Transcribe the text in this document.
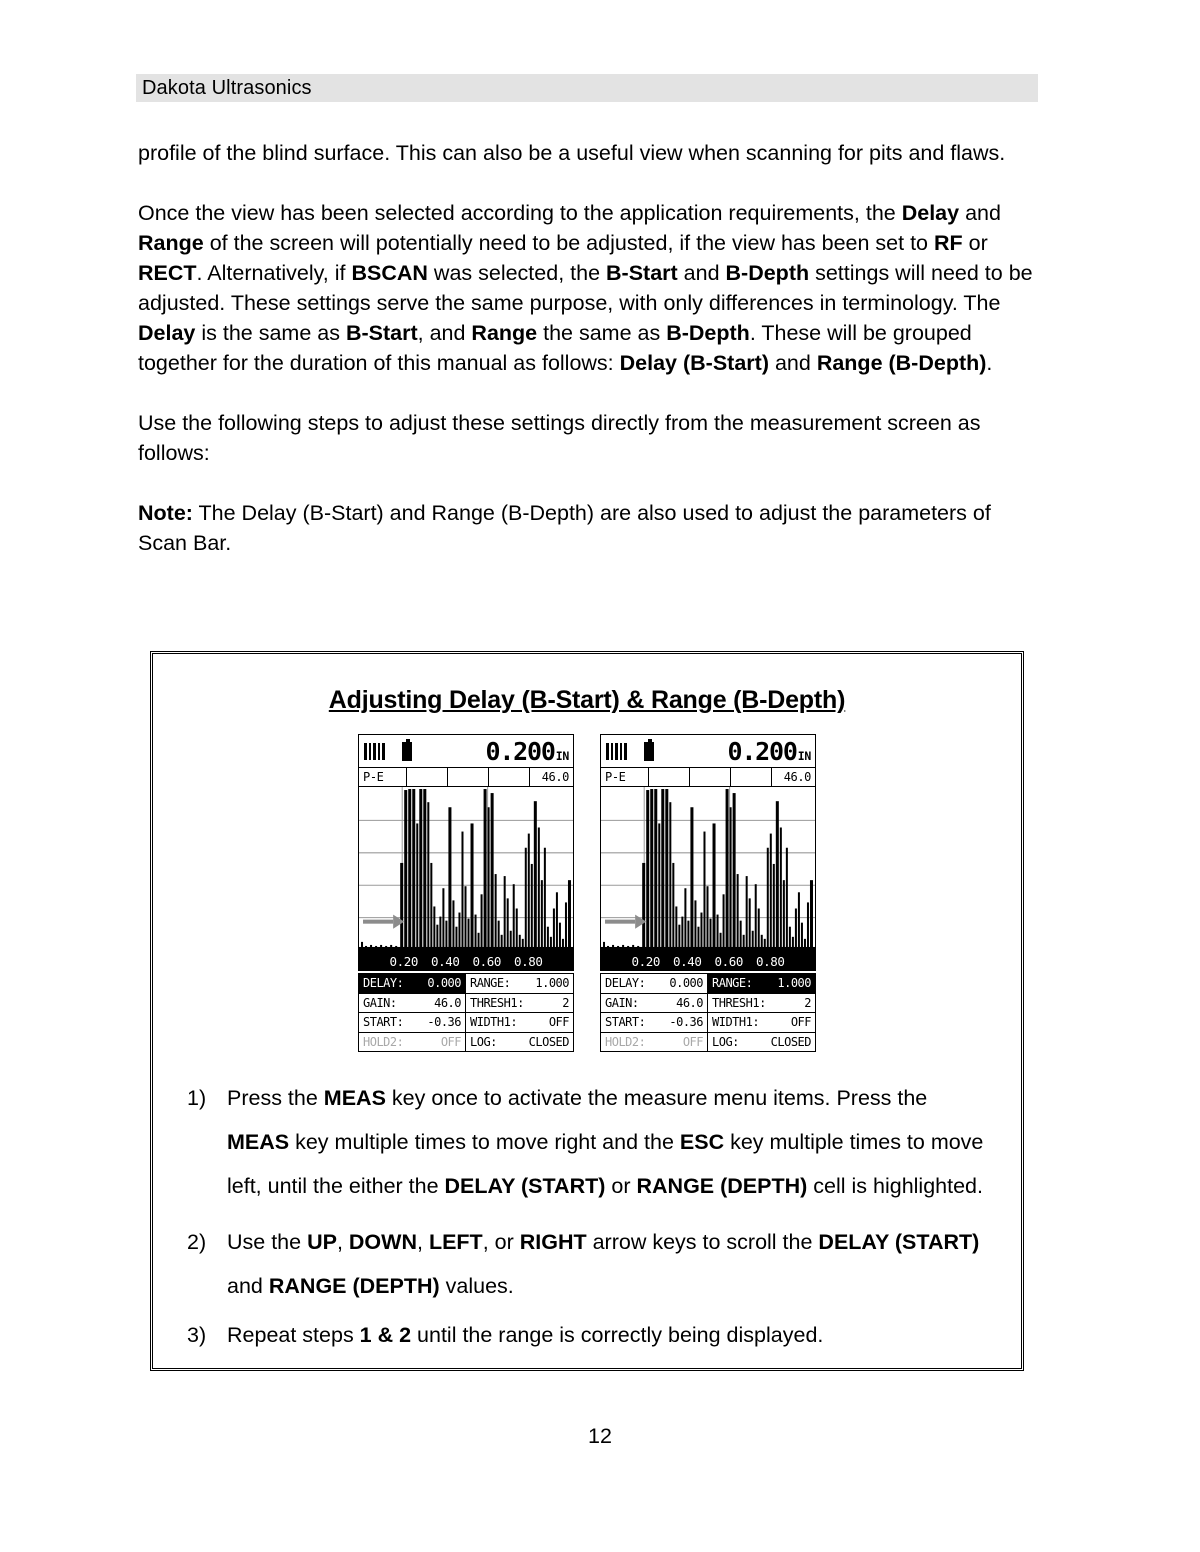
Dakota Ultrasonics

profile of the blind surface. This can also be a useful view when scanning for pits and flaws.

Once the view has been selected according to the application requirements, the Delay and Range of the screen will potentially need to be adjusted, if the view has been set to RF or RECT. Alternatively, if BSCAN was selected, the B-Start and B-Depth settings will need to be adjusted. These settings serve the same purpose, with only differences in terminology. The Delay is the same as B-Start, and Range the same as B-Depth. These will be grouped together for the duration of this manual as follows: Delay (B-Start) and Range (B-Depth).

Use the following steps to adjust these settings directly from the measurement screen as follows:

Note: The Delay (B-Start) and Range (B-Depth) are also used to adjust the parameters of Scan Bar.

Adjusting Delay (B-Start) & Range (B-Depth)
0.200 IN
P-E	46.0
0.20 0.40 0.60 0.80
DELAY: 0.000 RANGE: 1.000
GAIN:	46.0 THRESH1:	2
START: -0.36 WIDTH1:	OFF
HOLD2:	OFF LOG:	CLOSED
0.200 IN
P-E	46.0
0.20 0.40 0.60 0.80
DELAY: 0.000 RANGE: 1.000
GAIN:	46.0 THRESH1:	2
START: -0.36 WIDTH1:	OFF
HOLD2:	OFF LOG:	CLOSED
1) Press the MEAS key once to activate the measure menu items. Press the MEAS key multiple times to move right and the ESC key multiple times to move left, until the either the DELAY (START) or RANGE (DEPTH) cell is highlighted.
2) Use the UP, DOWN, LEFT, or RIGHT arrow keys to scroll the DELAY (START) and RANGE (DEPTH) values.
3) Repeat steps 1 & 2 until the range is correctly being displayed.
12
